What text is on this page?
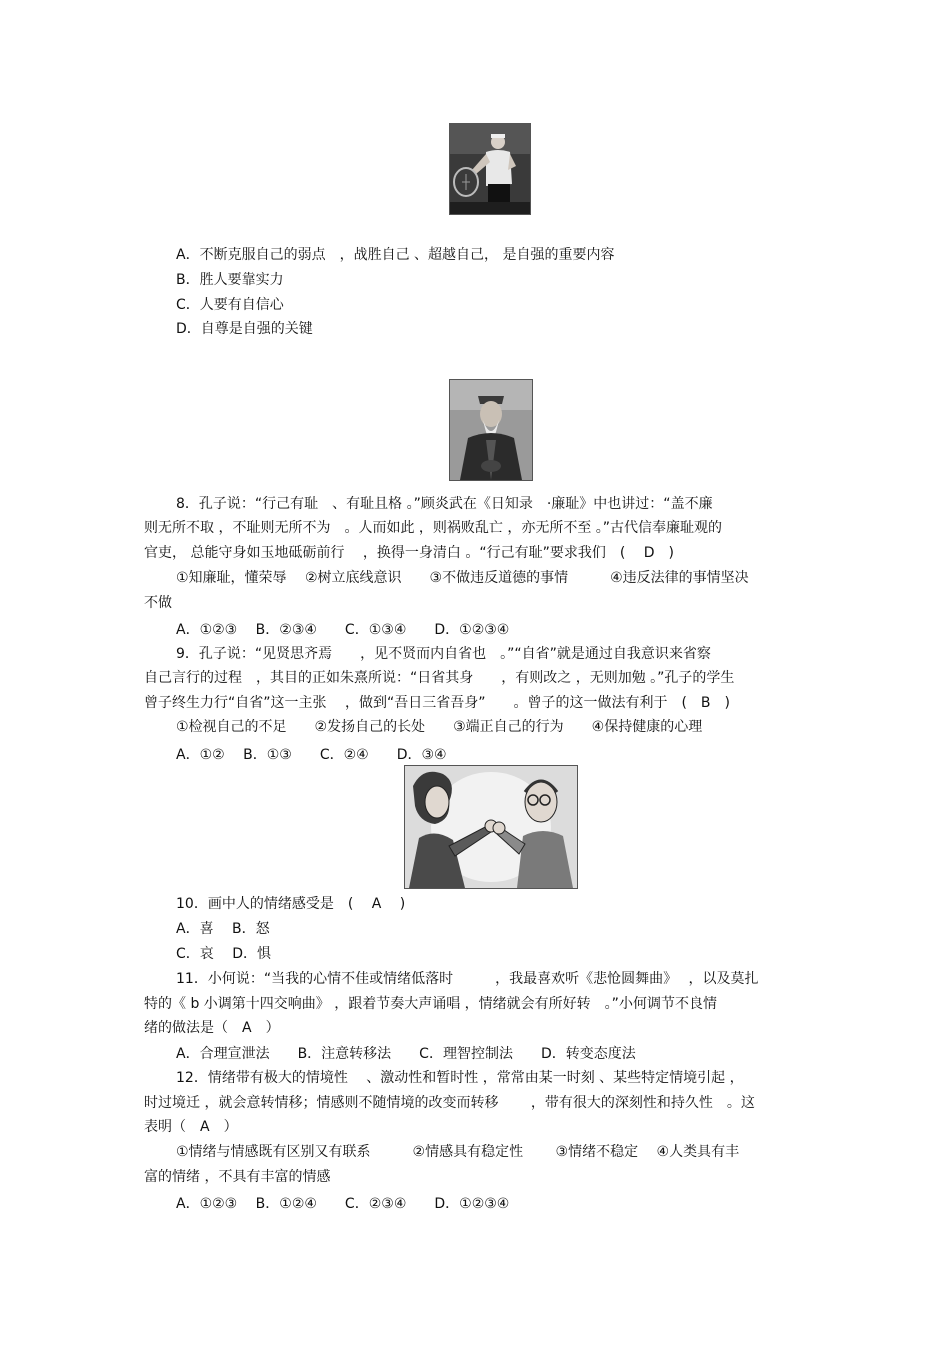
A．不断克服自己的弱点　，战胜自己 、超越自己， 是自强的重要内容
B．胜人要靠实力
C．人要有自信心
D．自尊是自强的关键
8．孔子说：“行己有耻　、有耻且格 。”顾炎武在《日知录　·廉耻》中也讲过：“盖不廉
则无所不取 ，不耻则无所不为　。人而如此 ，则祸败乱亡 ，亦无所不至 。”古代信奉廉耻观的
官吏， 总能守身如玉地砥砺前行　 ，换得一身清白 。“行己有耻”要求我们　(　 D　)
①知廉耻，懂荣辱　 ②树立底线意识　　③不做违反道德的事情　　　④违反法律的事情坚决
不做
A．①②③　 B．②③④　　C．①③④　　D．①②③④
9．孔子说：“见贤思齐焉　　，见不贤而内自省也　。”“自省”就是通过自我意识来省察
自己言行的过程　，其目的正如朱熹所说：“日省其身　　，有则改之 ，无则加勉 。”孔子的学生
曾子终生力行“自省”这一主张　 ，做到“吾日三省吾身”　　。曾子的这一做法有利于　(　B　)
①检视自己的不足　　②发扬自己的长处　　③端正自己的行为　　④保持健康的心理
A．①②　 B．①③　　C．②④　　D．③④
10．画中人的情绪感受是　(　 A　 )
A．喜　 B．怒
C．哀　 D．惧
11．小何说：“当我的心情不佳或情绪低落时　　　，我最喜欢听《悲怆圆舞曲》　 ，以及莫扎
特的《 b 小调第十四交响曲》 ，跟着节奏大声诵唱 ，情绪就会有所好转　。”小何调节不良情
绪的做法是（　A　）
A．合理宣泄法　　B．注意转移法　　C．理智控制法　　D．转变态度法
12．情绪带有极大的情境性　 、激动性和暂时性 ，常常由某一时刻 、某些特定情境引起 ，
时过境迁 ，就会意转情移；情感则不随情境的改变而转移　　 ，带有很大的深刻性和持久性　。这
表明（　A　）
①情绪与情感既有区别又有联系　　　②情感具有稳定性　　 ③情绪不稳定　 ④人类具有丰
富的情绪 ，不具有丰富的情感
A．①②③　 B．①②④　　C．②③④　　D．①②③④
